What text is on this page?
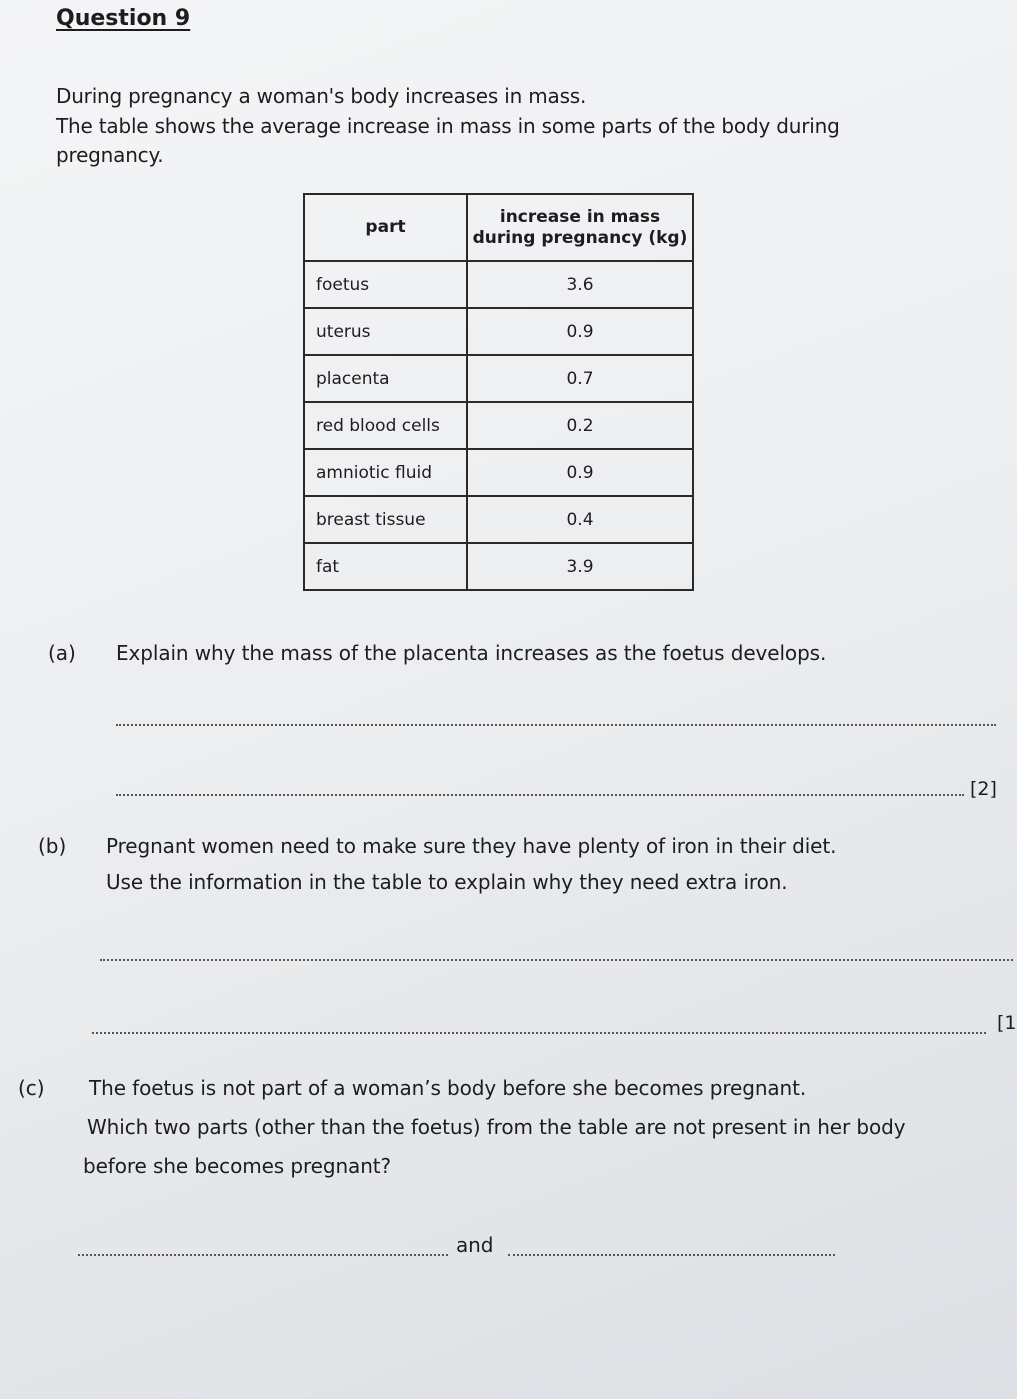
Question 9
During pregnancy a woman's body increases in mass.
The table shows the average increase in mass in some parts of the body during
pregnancy.
part	increase in mass
during pregnancy (kg)

foetus	3.6
uterus	0.9
placenta	0.7
red blood cells	0.2
amniotic fluid	0.9
breast tissue	0.4
fat	3.9
(a) Explain why the mass of the placenta increases as the foetus develops.
[2]
(b) Pregnant women need to make sure they have plenty of iron in their diet.
Use the information in the table to explain why they need extra iron.
[1
(c) The foetus is not part of a woman’s body before she becomes pregnant.
Which two parts (other than the foetus) from the table are not present in her body
before she becomes pregnant?
and
